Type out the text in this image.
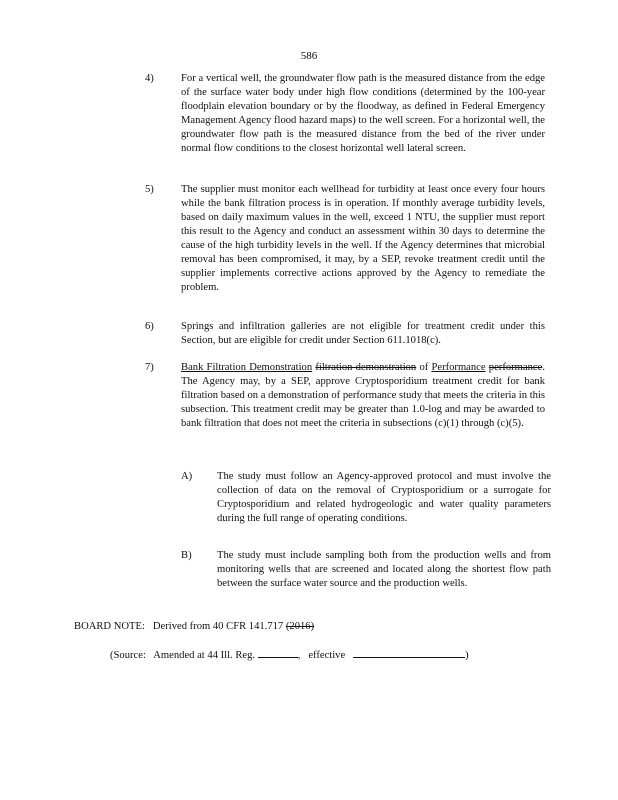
586
4)	For a vertical well, the groundwater flow path is the measured distance from the edge of the surface water body under high flow conditions (determined by the 100-year floodplain elevation boundary or by the floodway, as defined in Federal Emergency Management Agency flood hazard maps) to the well screen. For a horizontal well, the groundwater flow path is the measured distance from the bed of the river under normal flow conditions to the closest horizontal well lateral screen.
5)	The supplier must monitor each wellhead for turbidity at least once every four hours while the bank filtration process is in operation. If monthly average turbidity levels, based on daily maximum values in the well, exceed 1 NTU, the supplier must report this result to the Agency and conduct an assessment within 30 days to determine the cause of the high turbidity levels in the well. If the Agency determines that microbial removal has been compromised, it may, by a SEP, revoke treatment credit until the supplier implements corrective actions approved by the Agency to remediate the problem.
6)	Springs and infiltration galleries are not eligible for treatment credit under this Section, but are eligible for credit under Section 611.1018(c).
7)	Bank Filtration Demonstration filtration demonstration of Performance performance. The Agency may, by a SEP, approve Cryptosporidium treatment credit for bank filtration based on a demonstration of performance study that meets the criteria in this subsection. This treatment credit may be greater than 1.0-log and may be awarded to bank filtration that does not meet the criteria in subsections (c)(1) through (c)(5).
A)	The study must follow an Agency-approved protocol and must involve the collection of data on the removal of Cryptosporidium or a surrogate for Cryptosporidium and related hydrogeologic and water quality parameters during the full range of operating conditions.
B)	The study must include sampling both from the production wells and from monitoring wells that are screened and located along the shortest flow path between the surface water source and the production wells.
BOARD NOTE: Derived from 40 CFR 141.717 (2016)
(Source: Amended at 44 Ill. Reg.	, effective	)
